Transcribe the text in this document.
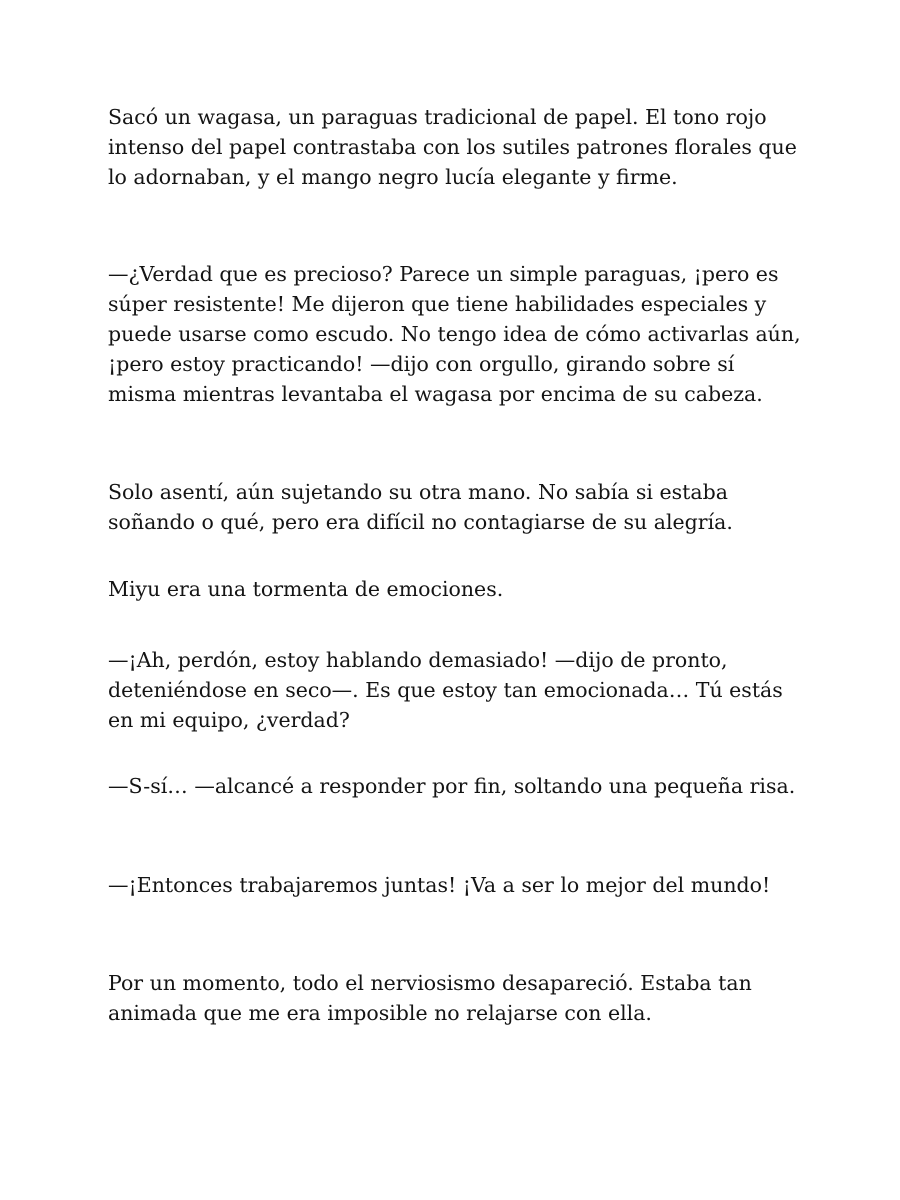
Sacó un wagasa, un paraguas tradicional de papel. El tono rojo intenso del papel contrastaba con los sutiles patrones florales que lo adornaban, y el mango negro lucía elegante y firme.

—¿Verdad que es precioso? Parece un simple paraguas, ¡pero es súper resistente! Me dijeron que tiene habilidades especiales y puede usarse como escudo. No tengo idea de cómo activarlas aún, ¡pero estoy practicando! —dijo con orgullo, girando sobre sí misma mientras levantaba el wagasa por encima de su cabeza.

Solo asentí, aún sujetando su otra mano. No sabía si estaba soñando o qué, pero era difícil no contagiarse de su alegría.

Miyu era una tormenta de emociones.

—¡Ah, perdón, estoy hablando demasiado! —dijo de pronto, deteniéndose en seco—. Es que estoy tan emocionada… Tú estás en mi equipo, ¿verdad?

—S-sí… —alcancé a responder por fin, soltando una pequeña risa.

—¡Entonces trabajaremos juntas! ¡Va a ser lo mejor del mundo!

Por un momento, todo el nerviosismo desapareció. Estaba tan animada que me era imposible no relajarse con ella.
